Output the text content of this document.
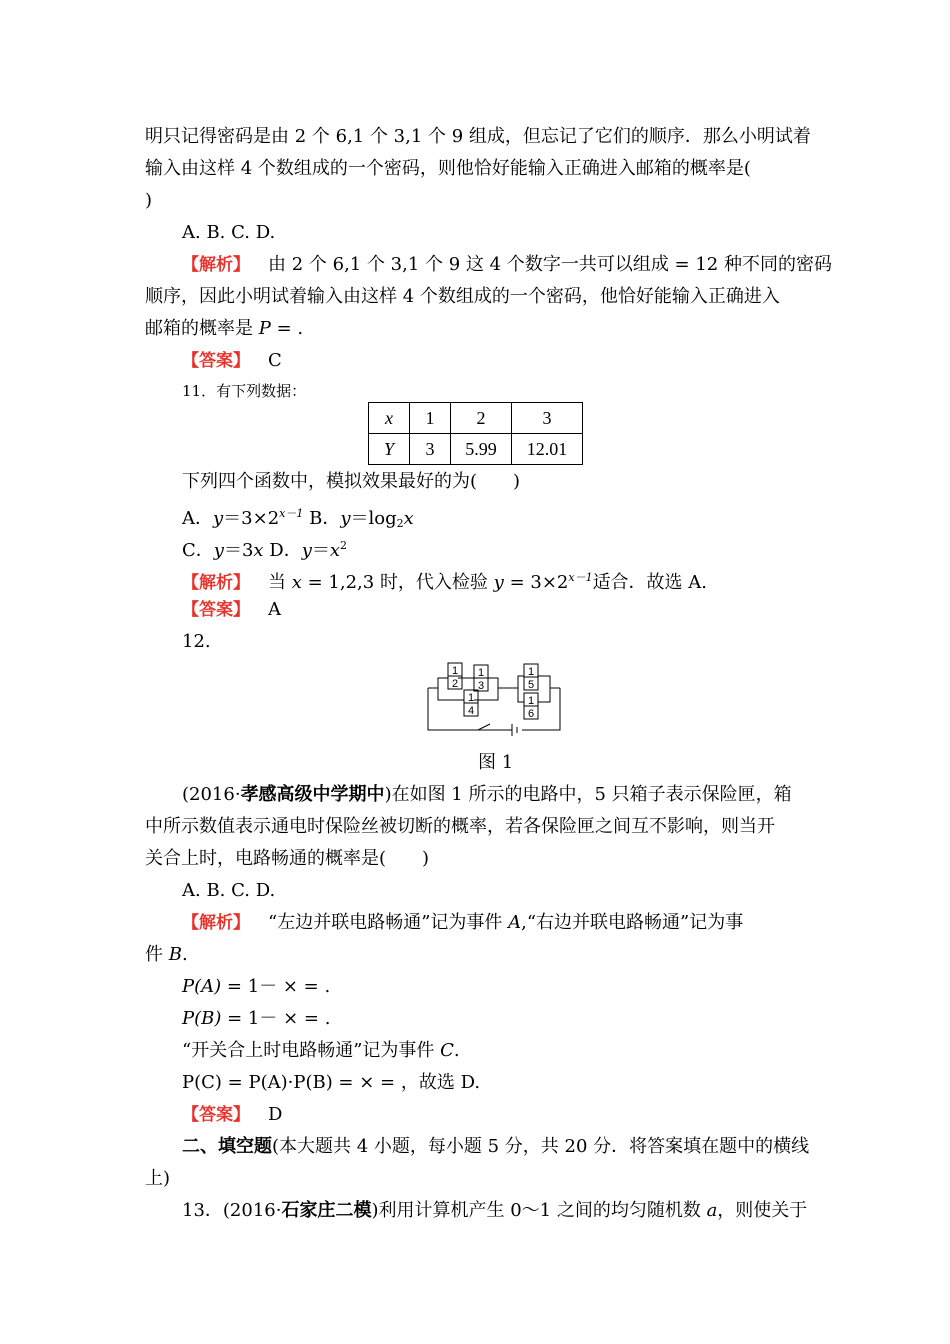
明只记得密码是由 2 个 6,1 个 3,1 个 9 组成，但忘记了它们的顺序．那么小明试着
输入由这样 4 个数组成的一个密码，则他恰好能输入正确进入邮箱的概率是(
)
A. B. C. D.
【解析】 由 2 个 6,1 个 3,1 个 9 这 4 个数字一共可以组成 = 12 种不同的密码
顺序，因此小明试着输入由这样 4 个数组成的一个密码，他恰好能输入正确进入
邮箱的概率是 P = .
【答案】 C
11．有下列数据：
x	1	2	3
Y	3	5.99	12.01
下列四个函数中，模拟效果最好的为(　　)
A．$y=3\times 2^{x-1}$ B．$y=\log_2x$
C．y＝3x D．$y=x^2$
【解析】 当 x = 1,2,3 时，代入检验 $y = 3\times 2^{x-1}$适合．故选 A.
【答案】 A
12.
1
2
1
3
1
4
1
5
1
6
图 1
(2016·孝感高级中学期中)在如图 1 所示的电路中，5 只箱子表示保险匣，箱
中所示数值表示通电时保险丝被切断的概率，若各保险匣之间互不影响，则当开
关合上时，电路畅通的概率是(　　)
A. B. C. D.
【解析】 “左边并联电路畅通”记为事件 A,“右边并联电路畅通”记为事
件 B.
P(A) = 1－ × = .
P(B) = 1－ × = .
“开关合上时电路畅通”记为事件 C.
P(C) = P(A)·P(B) = × = ，故选 D.
【答案】 D
二、填空题(本大题共 4 小题，每小题 5 分，共 20 分．将答案填在题中的横线
上)
13．(2016·石家庄二模)利用计算机产生 0～1 之间的均匀随机数 a，则使关于
